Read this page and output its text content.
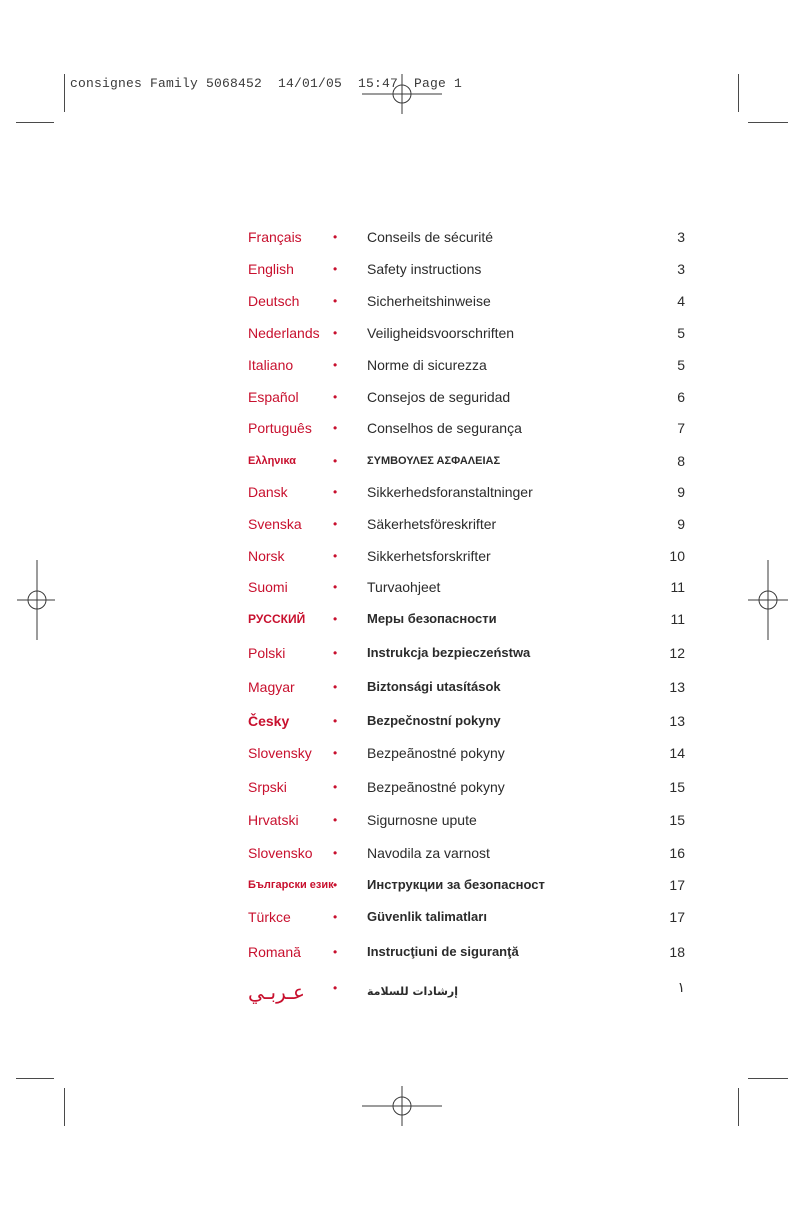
consignes Family 5068452  14/01/05  15:47  Page 1
Français	• Conseils de sécurité	3
English	• Safety instructions	3
Deutsch	• Sicherheitshinweise	4
Nederlands • Veiligheidsvoorschriften	5
Italiano	• Norme di sicurezza	5
Español	• Consejos de seguridad	6
Português • Conselhos de segurança	7
Ελληνικα	•	ΣΥΜΒΟΥΛΕΣ ΑΣΦΑΛΕΙΑΣ	8
Dansk	• Sikkerhedsforanstaltninger	9
Svenska	• Säkerhetsföreskrifter	9
Norsk	• Sikkerhetsforskrifter	10
Suomi	• Turvaohjeet	11
РУССКИЙ • Меры безопасности	11
Polski	• Instrukcja bezpieczeństwa	12
Magyar	• Biztonsági utasítások	13
Česky	• Bezpečnostní pokyny	13
Slovensky • Bezpeãnostné pokyny	14
Srpski	• Bezpeãnostné pokyny	15
Hrvatski	• Sigurnosne upute	15
Slovensko • Navodila za varnost	16
Български език • Инструкции за безопасност	17
Türkce	• Güvenlik talimatları	17
Romană	• Instrucţiuni de siguranţă	18
عـربـي •	إرشادات للسلامة	١
